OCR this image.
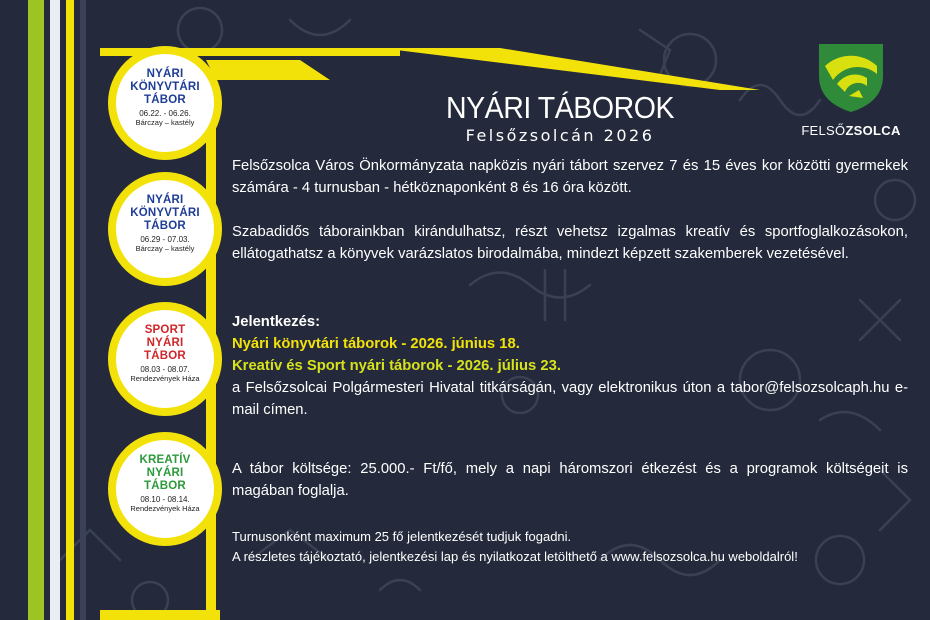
NYÁRI
KÖNYVTÁRI
TÁBOR
06.22. - 06.26.
Bárczay – kastély
NYÁRI
KÖNYVTÁRI
TÁBOR
06.29 - 07.03.
Bárczay – kastély
SPORT
NYÁRI
TÁBOR
08.03 - 08.07.
Rendezvények Háza
KREATÍV
NYÁRI
TÁBOR
08.10 - 08.14.
Rendezvények Háza
NYÁRI TÁBOROK
Felsőzsolcán 2026	FELSŐZSOLCA

Felsőzsolca Város Önkormányzata napközis nyári tábort szervez 7 és 15 éves kor közötti gyermekek számára - 4 turnusban - hétköznaponként 8 és 16 óra között.

Szabadidős táborainkban kirándulhatsz, részt vehetsz izgalmas kreatív és sportfoglalkozásokon, ellátogathatsz a könyvek varázslatos birodalmába, mindezt képzett szakemberek vezetésével.

Jelentkezés:

Nyári könyvtári táborok - 2026. június 18.

Kreatív és Sport nyári táborok - 2026. július 23.

a Felsőzsolcai Polgármesteri Hivatal titkárságán, vagy elektronikus úton a tabor@felsozsolcaph.hu e-mail címen.

A tábor költsége: 25.000.- Ft/fő, mely a napi háromszori étkezést és a programok költségeit is magában foglalja.

Turnusonként maximum 25 fő jelentkezését tudjuk fogadni.

A részletes tájékoztató, jelentkezési lap és nyilatkozat letölthető a www.felsozsolca.hu weboldalról!
